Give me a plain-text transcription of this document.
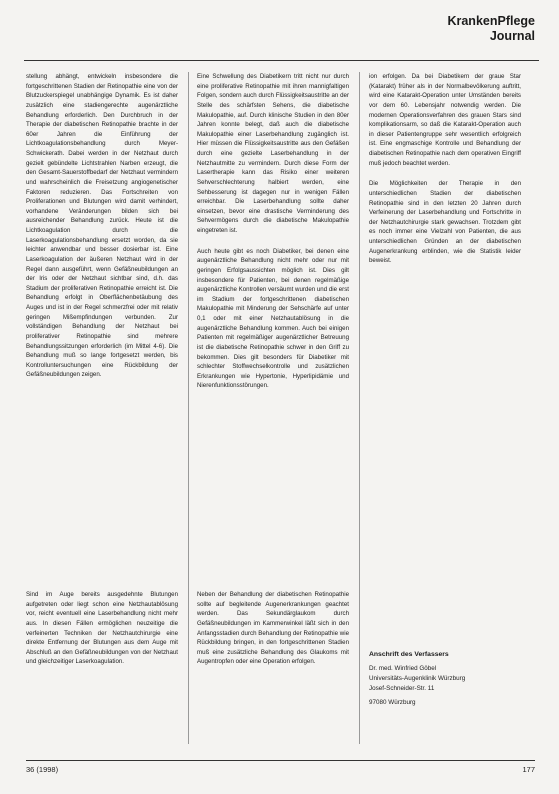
KrankenPflege
Journal

stellung abhängt, entwickeln insbesondere die fortgeschrittenen Stadien der Retinopathie eine von der Blutzuckerspiegel unabhängige Dynamik. Es ist daher zusätzlich eine stadiengerechte augenärztliche Behandlung erforderlich. Den Durchbruch in der Therapie der diabetischen Retinopathie brachte in der 60er Jahren die Einführung der Lichtkoagulationsbehandlung durch Meyer-Schwickerath. Dabei werden in der Netzhaut durch gezielt gebündelte Lichtstrahlen Narben erzeugt, die den Gesamt-Sauerstoffbedarf der Netzhaut vermindern und wahrscheinlich die Freisetzung angiogenetischer Faktoren reduzieren. Das Fortschreiten von Proliferationen und Blutungen wird damit verhindert, vorhandene Veränderungen bilden sich bei ausreichender Behandlung zurück. Heute ist die Lichtkoagulation durch die Laserkoagulationsbehandlung ersetzt worden, da sie leichter anwendbar und besser dosierbar ist. Eine Laserkoagulation der äußeren Netzhaut wird in der Regel dann ausgeführt, wenn Gefäßneubildungen an der Iris oder der Netzhaut sichtbar sind, d.h. das Stadium der proliferativen Retinopathie erreicht ist. Die Behandlung erfolgt in Oberflächenbetäubung des Auges und ist in der Regel schmerzfrei oder mit relativ geringen Mißempfindungen verbunden. Zur vollständigen Behandlung der Netzhaut bei proliferativer Retinopathie sind mehrere Behandlungssitzungen erforderlich (im Mittel 4-6). Die Behandlung muß so lange fortgesetzt werden, bis Kontrolluntersuchungen eine Rückbildung der Gefäßneubildungen zeigen.

Sind im Auge bereits ausgedehnte Blutungen aufgetreten oder liegt schon eine Netzhautablösung vor, reicht eventuell eine Laserbehandlung nicht mehr aus. In diesen Fällen ermöglichen neuzeitige die verfeinerten Techniken der Netzhautchirurgie eine direkte Entfernung der Blutungen aus dem Auge mit Abschluß an den Gefäßneubildungen von der Netzhaut und gleichzeitiger Laserkoagulation.

Eine Schwellung des Diabetikern tritt nicht nur durch eine proliferative Retinopathie mit ihren mannigfaltigen Folgen, sondern auch durch Flüssigkeitsaustritte an der Stelle des schärfsten Sehens, die diabetische Makulopathie, auf. Durch klinische Studien in den 80er Jahren konnte belegt, daß auch die diabetische Makulopathie einer Laserbehandlung zugänglich ist. Hier müssen die Flüssigkeitsaustritte aus den Gefäßen durch eine gezielte Laserbehandlung in der Netzhautmitte zu vermindern. Durch diese Form der Lasertherapie kann das Risiko einer weiteren Sehverschlechterung halbiert werden, eine Sehbesserung ist dagegen nur in wenigen Fällen erreichbar. Die Laserbehandlung sollte daher einsetzen, bevor eine drastische Verminderung des Sehvermögens durch die diabetische Makulopathie eingetreten ist.

Auch heute gibt es noch Diabetiker, bei denen eine augenärztliche Behandlung nicht mehr oder nur mit geringen Erfolgsaussichten möglich ist. Dies gilt insbesondere für Patienten, bei denen regelmäßige augenärztliche Kontrollen versäumt wurden und die erst im Stadium der fortgeschrittenen diabetischen Makulopathie mit Minderung der Sehschärfe auf unter 0,1 oder mit einer Netzhautablösung in die augenärztliche Behandlung kommen. Auch bei einigen Patienten mit regelmäßiger augenärztlicher Betreuung ist die diabetische Retinopathie schwer in den Griff zu bekommen. Dies gilt besonders für Diabetiker mit schlechter Stoffwechselkontrolle und zusätzlichen Erkrankungen wie Hypertonie, Hyperlipidämie und Nierenfunktionsstörungen.

Neben der Behandlung der diabetischen Retinopathie sollte auf begleitende Augenerkrankungen geachtet werden. Das Sekundärglaukom durch Gefäßneubildungen im Kammerwinkel läßt sich in den Anfangsstadien durch Behandlung der Retinopathie wie Rückbildung bringen, in den fortgeschrittenen Stadien muß eine zusätzliche Behandlung des Glaukoms mit Augentropfen oder eine Operation erfolgen.

ion erfolgen. Da bei Diabetikern der graue Star (Katarakt) früher als in der Normalbevölkerung auftritt, wird eine Katarakt-Operation unter Umständen bereits vor dem 60. Lebensjahr notwendig werden. Die modernen Operationsverfahren des grauen Stars sind komplikationsarm, so daß die Katarakt-Operation auch in dieser Patientengruppe sehr wesentlich erfolgreich ist. Eine engmaschige Kontrolle und Behandlung der diabetischen Retinopathie nach dem operativen Eingriff muß jedoch beachtet werden.

Die Möglichkeiten der Therapie in den unterschiedlichen Stadien der diabetischen Retinopathie sind in den letzten 20 Jahren durch Verfeinerung der Laserbehandlung und Fortschritte in der Netzhautchirurgie stark gewachsen. Trotzdem gibt es noch immer eine Vielzahl von Patienten, die aus unterschiedlichen Gründen an der diabetischen Augenerkrankung erblinden, wie die Statistik leider beweist.

Anschrift des Verfassers
Dr. med. Winfried Göbel
Universitäts-Augenklinik Würzburg
Josef-Schneider-Str. 11
97080 Würzburg
36 (1998)	177
